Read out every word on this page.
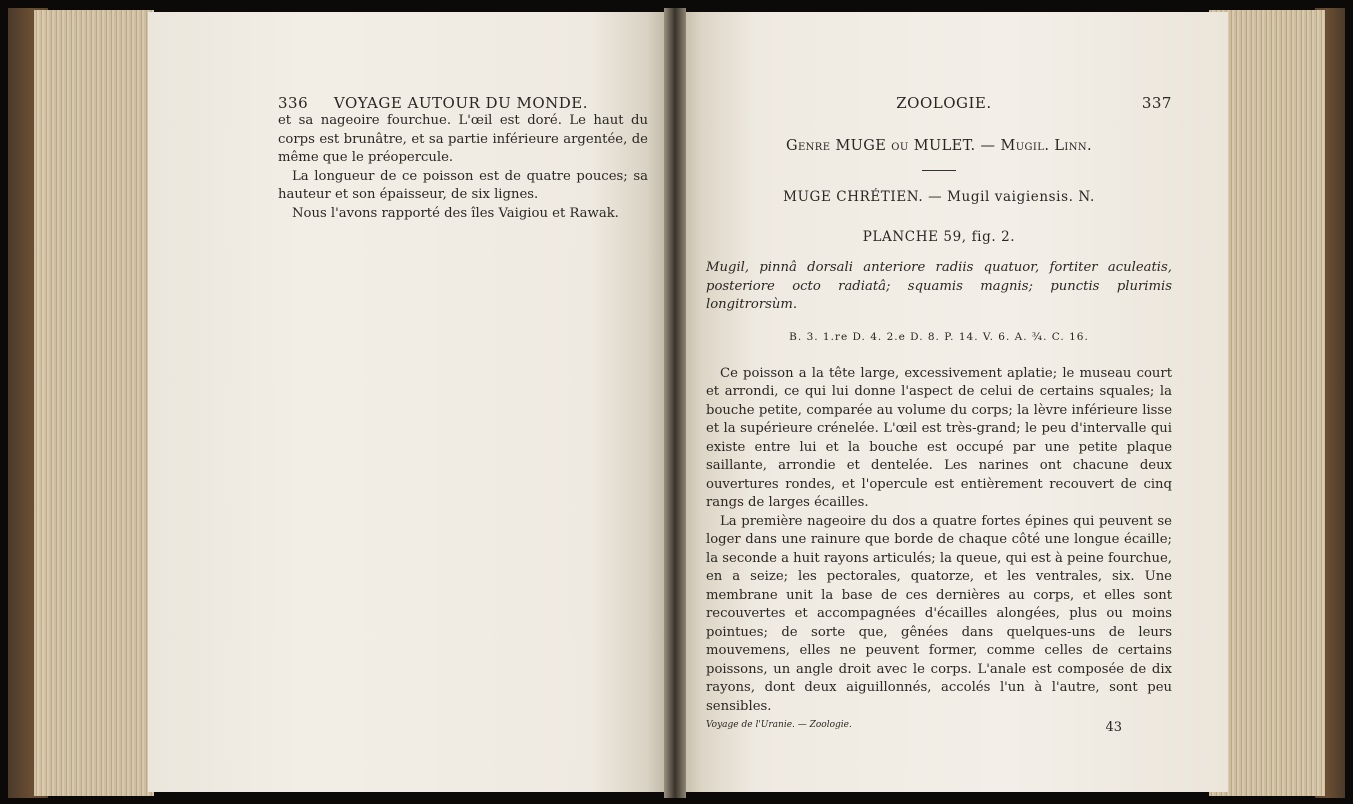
336 VOYAGE AUTOUR DU MONDE.

et sa nageoire fourchue. L'œil est doré. Le haut du corps est brunâtre, et sa partie inférieure argentée, de même que le préopercule.

La longueur de ce poisson est de quatre pouces; sa hauteur et son épaisseur, de six lignes.

Nous l'avons rapporté des îles Vaigiou et Rawak.

ZOOLOGIE.	337
Genre MUGE ou MULET. — Mugil. Linn.
MUGE CHRÉTIEN. — Mugil vaigiensis. N.
PLANCHE 59, fig. 2.
Mugil, pinnâ dorsali anteriore radiis quatuor, fortiter aculeatis, posteriore octo radiatâ; squamis magnis; punctis plurimis longitrorsùm.
B. 3. 1.re D. 4. 2.e D. 8. P. 14. V. 6. A. ¾. C. 16.

Ce poisson a la tête large, excessivement aplatie; le museau court et arrondi, ce qui lui donne l'aspect de celui de certains squales; la bouche petite, comparée au volume du corps; la lèvre inférieure lisse et la supérieure crénelée. L'œil est très-grand; le peu d'intervalle qui existe entre lui et la bouche est occupé par une petite plaque saillante, arrondie et dentelée. Les narines ont chacune deux ouvertures rondes, et l'opercule est entièrement recouvert de cinq rangs de larges écailles.

La première nageoire du dos a quatre fortes épines qui peuvent se loger dans une rainure que borde de chaque côté une longue écaille; la seconde a huit rayons articulés; la queue, qui est à peine fourchue, en a seize; les pectorales, quatorze, et les ventrales, six. Une membrane unit la base de ces dernières au corps, et elles sont recouvertes et accompagnées d'écailles alongées, plus ou moins pointues; de sorte que, gênées dans quelques-uns de leurs mouvemens, elles ne peuvent former, comme celles de certains poissons, un angle droit avec le corps. L'anale est composée de dix rayons, dont deux aiguillonnés, accolés l'un à l'autre, sont peu sensibles.

Voyage de l'Uranie. — Zoologie.	43
